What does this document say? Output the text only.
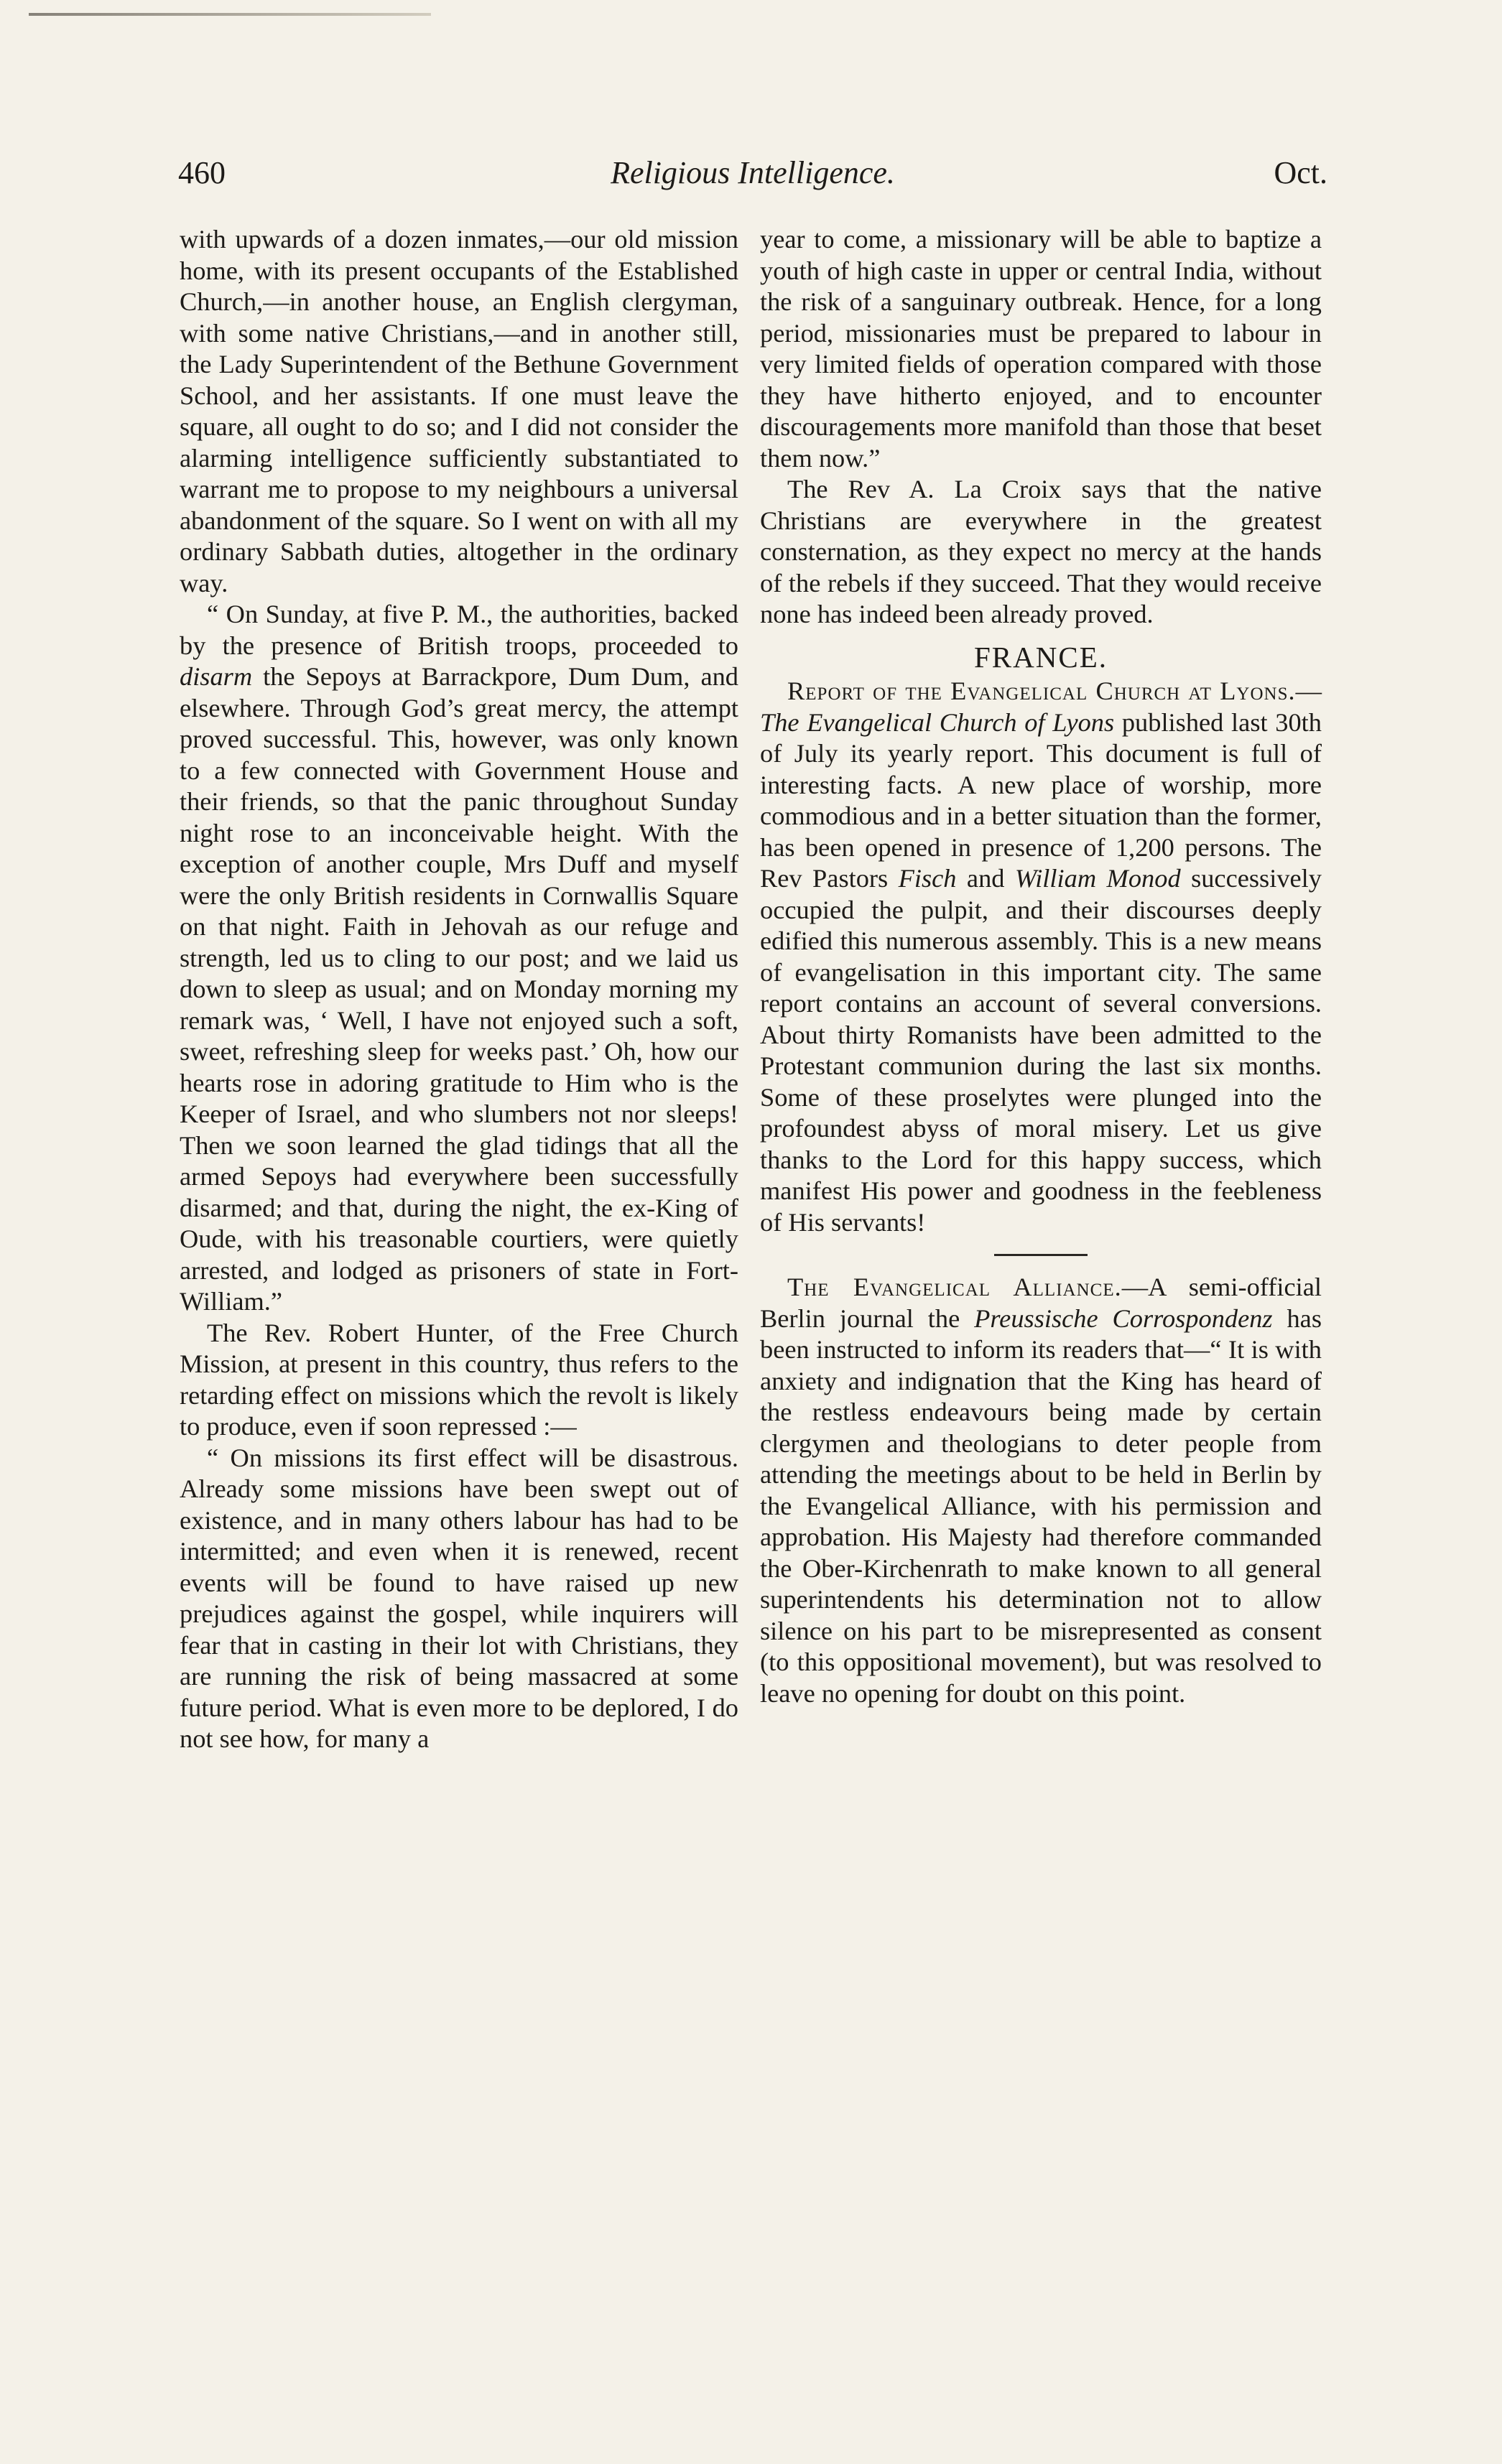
460	Religious Intelligence.	Oct.

with upwards of a dozen inmates,—our old mission home, with its present occupants of the Established Church,—in another house, an English clergyman, with some native Christians,—and in another still, the Lady Superintendent of the Bethune Government School, and her assistants. If one must leave the square, all ought to do so; and I did not consider the alarming intelligence sufficiently substantiated to warrant me to propose to my neighbours a universal abandonment of the square. So I went on with all my ordinary Sabbath duties, altogether in the ordinary way.

“ On Sunday, at five P. M., the authorities, backed by the presence of British troops, proceeded to disarm the Sepoys at Barrackpore, Dum Dum, and elsewhere. Through God’s great mercy, the attempt proved successful. This, however, was only known to a few connected with Government House and their friends, so that the panic throughout Sunday night rose to an inconceivable height. With the exception of another couple, Mrs Duff and myself were the only British residents in Cornwallis Square on that night. Faith in Jehovah as our refuge and strength, led us to cling to our post; and we laid us down to sleep as usual; and on Monday morning my remark was, ‘ Well, I have not enjoyed such a soft, sweet, refreshing sleep for weeks past.’ Oh, how our hearts rose in adoring gratitude to Him who is the Keeper of Israel, and who slumbers not nor sleeps! Then we soon learned the glad tidings that all the armed Sepoys had everywhere been successfully disarmed; and that, during the night, the ex-King of Oude, with his treasonable courtiers, were quietly arrested, and lodged as prisoners of state in Fort-William.”

The Rev. Robert Hunter, of the Free Church Mission, at present in this country, thus refers to the retarding effect on missions which the revolt is likely to produce, even if soon repressed :—

“ On missions its first effect will be disastrous. Already some missions have been swept out of existence, and in many others labour has had to be intermitted; and even when it is renewed, recent events will be found to have raised up new prejudices against the gospel, while inquirers will fear that in casting in their lot with Christians, they are running the risk of being massacred at some future period. What is even more to be deplored, I do not see how, for many a

year to come, a missionary will be able to baptize a youth of high caste in upper or central India, without the risk of a sanguinary outbreak. Hence, for a long period, missionaries must be prepared to labour in very limited fields of operation compared with those they have hitherto enjoyed, and to encounter discouragements more manifold than those that beset them now.”

The Rev A. La Croix says that the native Christians are everywhere in the greatest consternation, as they expect no mercy at the hands of the rebels if they succeed. That they would receive none has indeed been already proved.

FRANCE.

Report of the Evangelical Church at Lyons.—The Evangelical Church of Lyons published last 30th of July its yearly report. This document is full of interesting facts. A new place of worship, more commodious and in a better situation than the former, has been opened in presence of 1,200 persons. The Rev Pastors Fisch and William Monod successively occupied the pulpit, and their discourses deeply edified this numerous assembly. This is a new means of evangelisation in this important city. The same report contains an account of several conversions. About thirty Romanists have been admitted to the Protestant communion during the last six months. Some of these proselytes were plunged into the profoundest abyss of moral misery. Let us give thanks to the Lord for this happy success, which manifest His power and goodness in the feebleness of His servants!

The Evangelical Alliance.—A semi-official Berlin journal the Preussische Corrospondenz has been instructed to inform its readers that—“ It is with anxiety and indignation that the King has heard of the restless endeavours being made by certain clergymen and theologians to deter people from attending the meetings about to be held in Berlin by the Evangelical Alliance, with his permission and approbation. His Majesty had therefore commanded the Ober-Kirchenrath to make known to all general superintendents his determination not to allow silence on his part to be misrepresented as consent (to this oppositional movement), but was resolved to leave no opening for doubt on this point.
